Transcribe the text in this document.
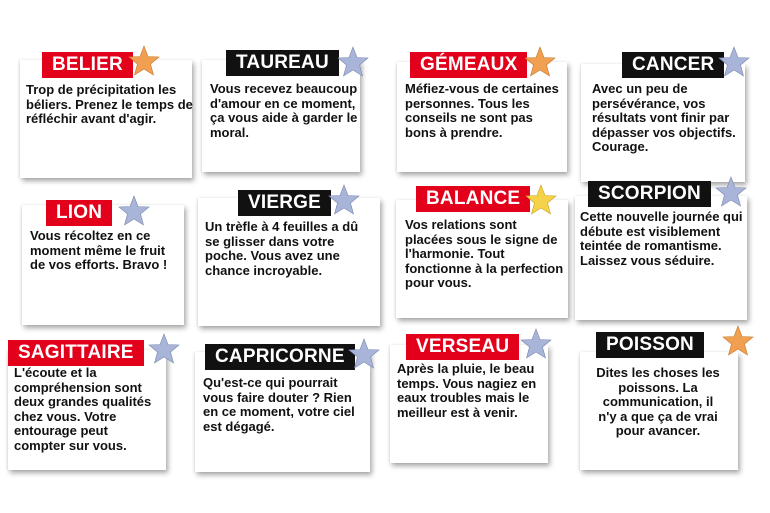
BELIER
Trop de précipitation les béliers. Prenez le temps de réfléchir avant d'agir.
TAUREAU
Vous recevez beaucoup d'amour en ce moment, ça vous aide à garder le moral.
GÉMEAUX
Méfiez-vous de certaines personnes. Tous les conseils ne sont pas bons à prendre.
CANCER
Avec un peu de persévérance, vos résultats vont finir par dépasser vos objectifs. Courage.
LION
Vous récoltez en ce moment même le fruit de vos efforts. Bravo !
VIERGE
Un trèfle à 4 feuilles a dû se glisser dans votre poche. Vous avez une chance incroyable.
BALANCE
Vos relations sont placées sous le signe de l'harmonie. Tout fonctionne à la perfection pour vous.
SCORPION
Cette nouvelle journée qui débute est visiblement teintée de romantisme. Laissez vous séduire.
SAGITTAIRE
L'écoute et la compréhension sont deux grandes qualités chez vous. Votre entourage peut compter sur vous.
CAPRICORNE
Qu'est-ce qui pourrait vous faire douter ? Rien en ce moment, votre ciel est dégagé.
VERSEAU
Après la pluie, le beau temps. Vous nagiez en eaux troubles mais le meilleur est à venir.
POISSON
Dites les choses les poissons. La communication, il n'y a que ça de vrai pour avancer.
